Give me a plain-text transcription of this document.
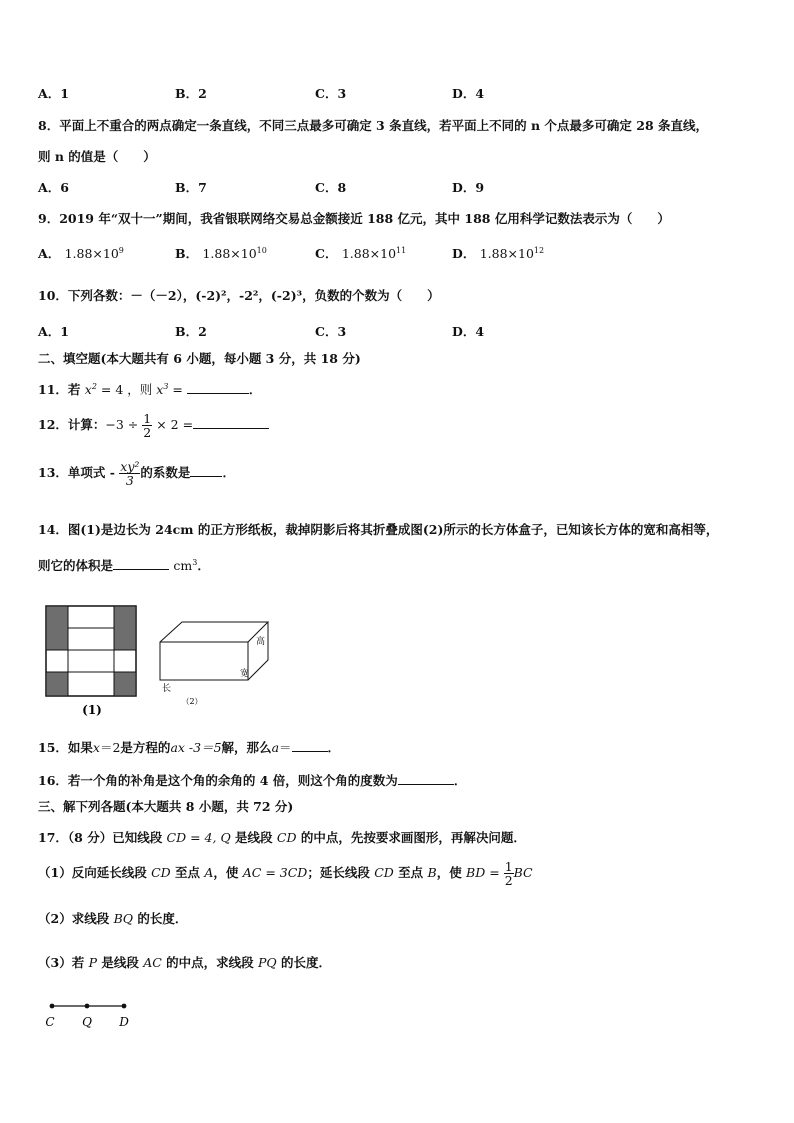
A．1	B．2	C．3	D．4
8．平面上不重合的两点确定一条直线，不同三点最多可确定 3 条直线，若平面上不同的 n 个点最多可确定 28 条直线，
则 n 的值是（　　）
A．6	B．7	C．8	D．9
9．2019 年“双十一”期间，我省银联网络交易总金额接近 188 亿元，其中 188 亿用科学记数法表示为（　　）
A． $1.88\times 10^9$	B． $1.88\times 10^{10}$	C． $1.88\times 10^{11}$	D． $1.88\times 10^{12}$
10．下列各数：－（－2），(-2)²，-2²，(-2)³，负数的个数为（　　）
A．1	B．2	C．3	D．4
二、填空题(本大题共有 6 小题，每小题 3 分，共 18 分)
11．若 $x^2 = 4$ ，则 $x^3$ =	．
12．计算：$-3 \div \frac{1}{2} \times 2$ =
13．单项式 - $\frac{\text{xy²}}{3}$ 的系数是	．
14．图(1)是边长为 24cm 的正方形纸板，裁掉阴影后将其折叠成图(2)所示的长方体盒子，已知该长方体的宽和高相等，
则它的体积是	$cm^3$．
(1)
高
宽
长
（2）
15．如果x＝2是方程的ax -3＝5解，那么a＝	．
16．若一个角的补角是这个角的余角的 4 倍，则这个角的度数为	．
三、解下列各题(本大题共 8 小题，共 72 分)
17．（8 分）已知线段 CD = 4, Q 是线段 CD 的中点，先按要求画图形，再解决问题．
（1）反向延长线段 CD 至点 A，使 AC = 3CD；延长线段 CD 至点 B，使 BD = $\frac{1}{2}$ BC
（2）求线段 BQ 的长度．
（3）若 P 是线段 AC 的中点，求线段 PQ 的长度．
C Q D
